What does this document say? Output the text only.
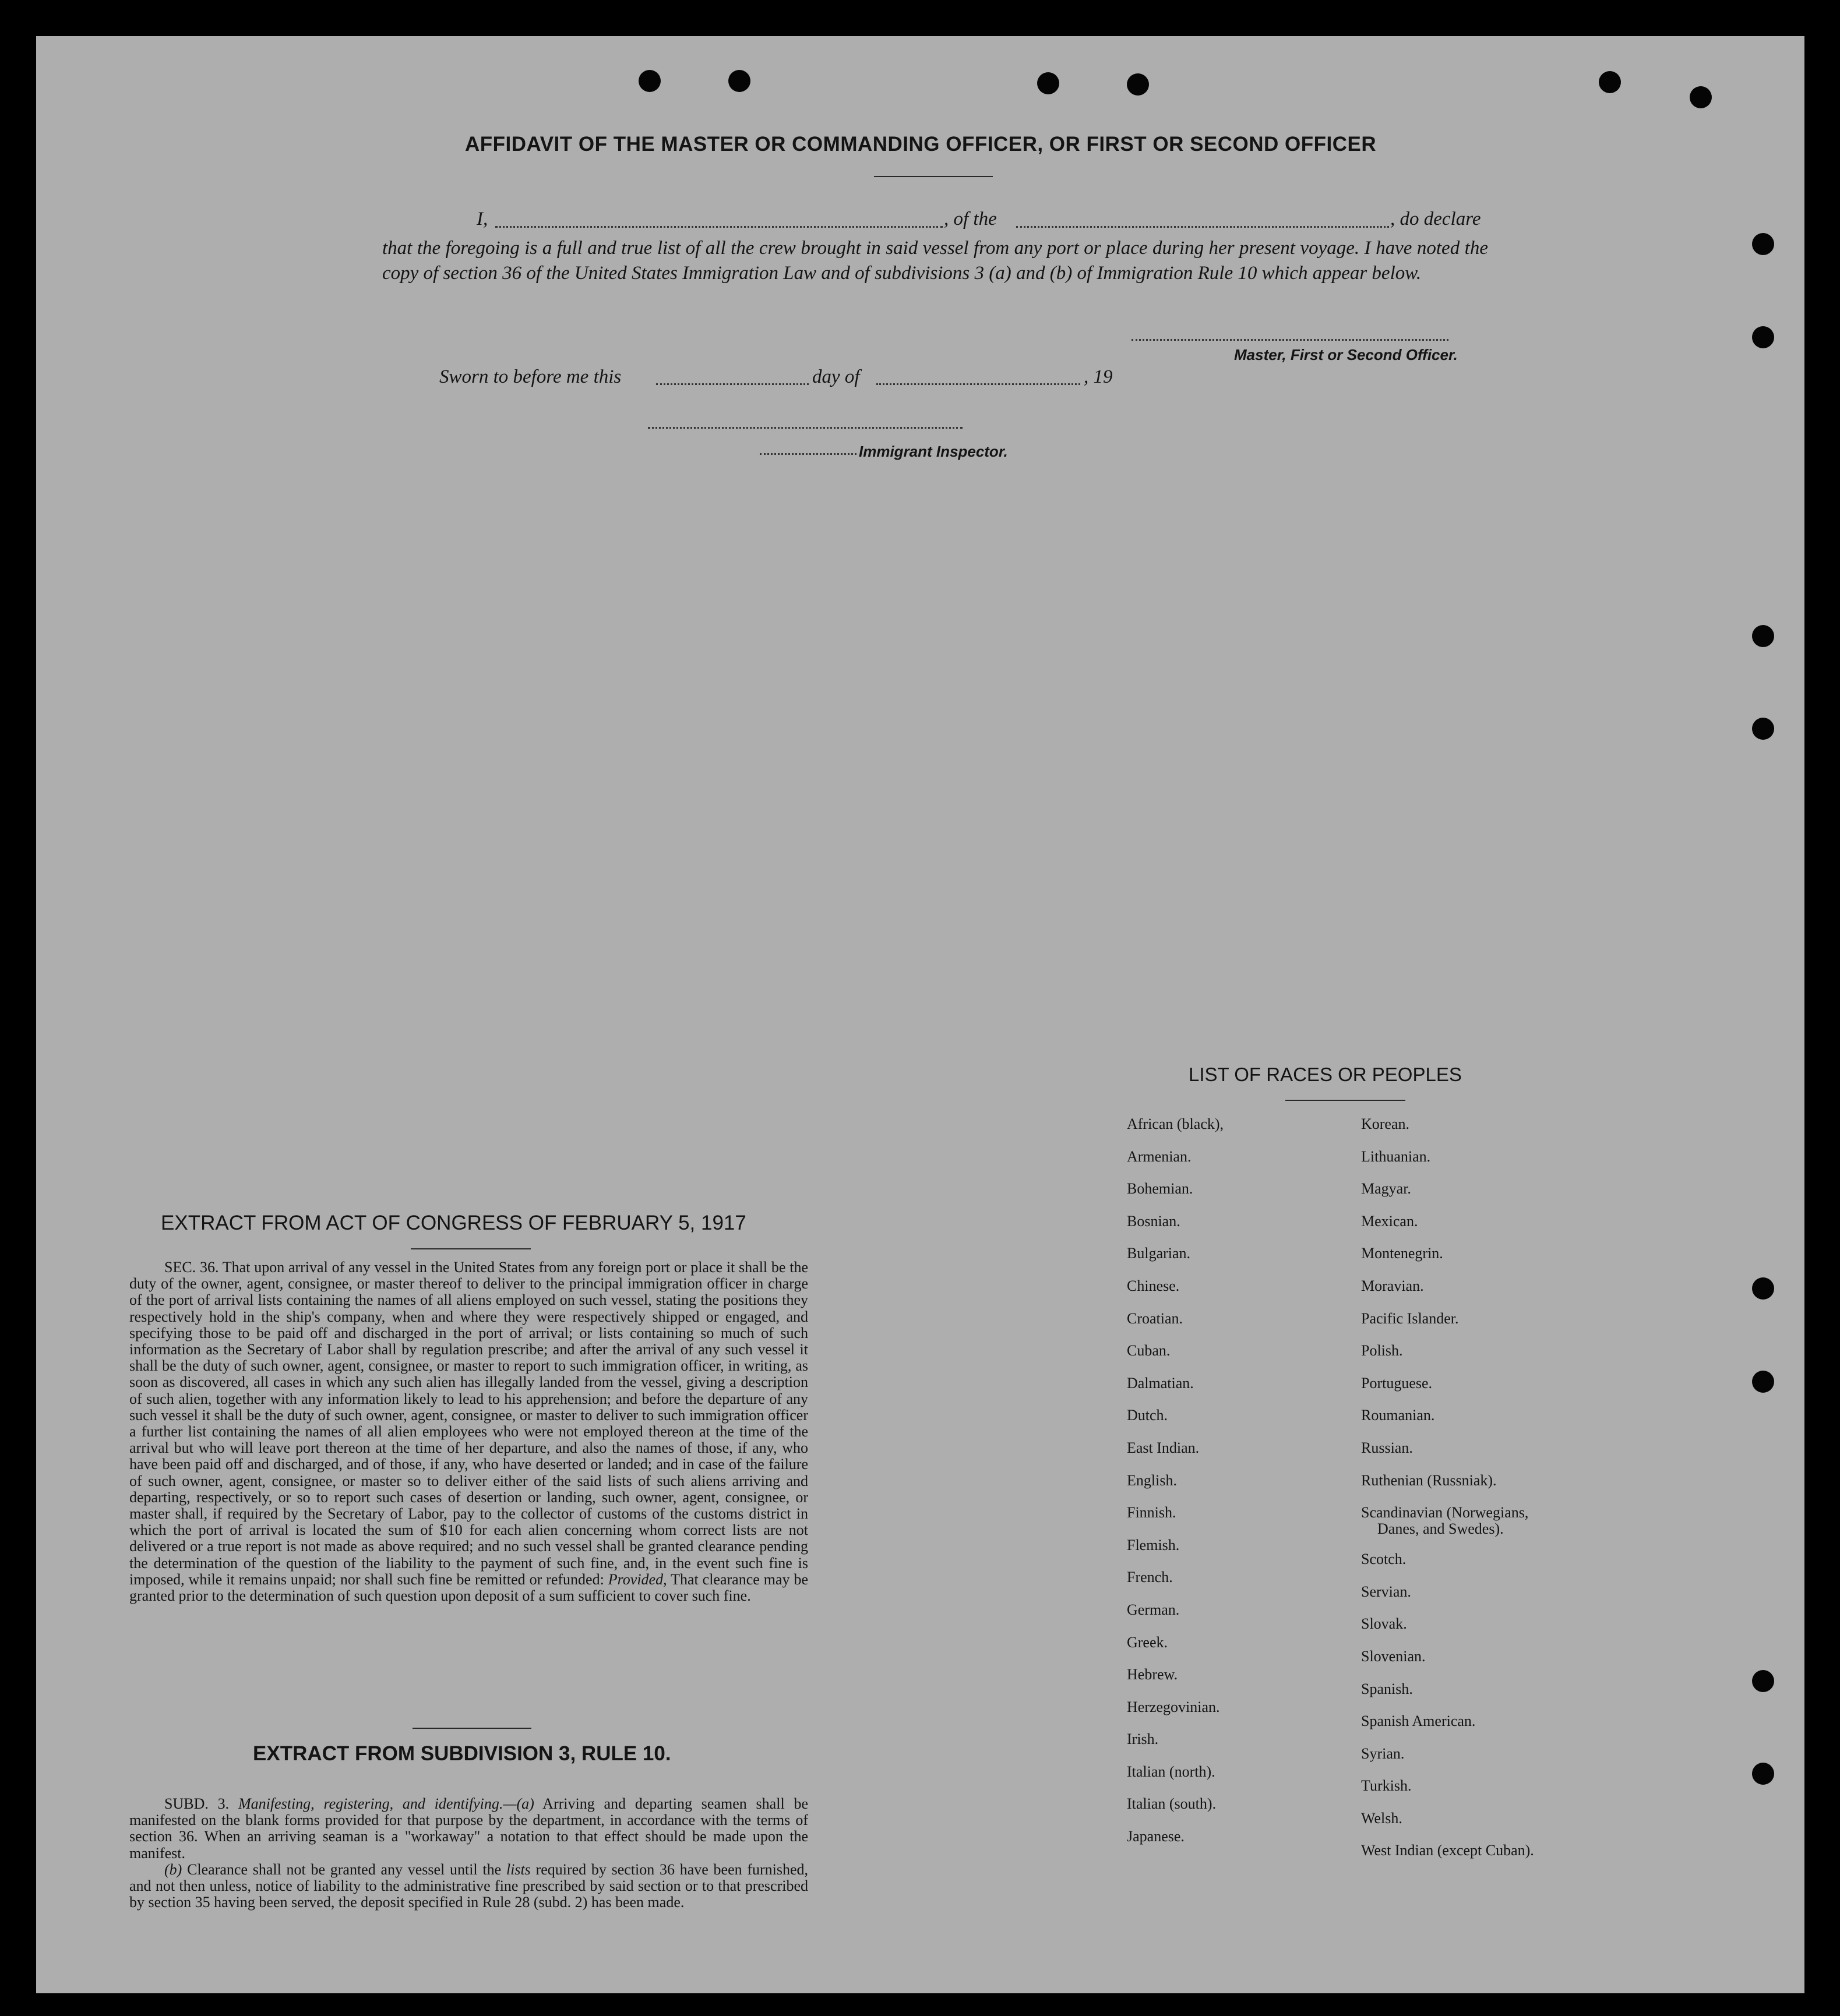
AFFIDAVIT OF THE MASTER OR COMMANDING OFFICER, OR FIRST OR SECOND OFFICER
I,	, of the	, do declare
that the foregoing is a full and true list of all the crew brought in said vessel from any port or place during her present voyage. I have noted the copy of section 36 of the United States Immigration Law and of subdivisions 3 (a) and (b) of Immigration Rule 10 which appear below.
Master, First or Second Officer.
Sworn to before me this	day of	, 19
Immigrant Inspector.
EXTRACT FROM ACT OF CONGRESS OF FEBRUARY 5, 1917

SEC. 36. That upon arrival of any vessel in the United States from any foreign port or place it shall be the duty of the owner, agent, consignee, or master thereof to deliver to the principal immigration officer in charge of the port of arrival lists containing the names of all aliens employed on such vessel, stating the positions they respectively hold in the ship's company, when and where they were respectively shipped or engaged, and specifying those to be paid off and discharged in the port of arrival; or lists containing so much of such information as the Secretary of Labor shall by regulation prescribe; and after the arrival of any such vessel it shall be the duty of such owner, agent, consignee, or master to report to such immigration officer, in writing, as soon as discovered, all cases in which any such alien has illegally landed from the vessel, giving a description of such alien, together with any information likely to lead to his apprehension; and before the departure of any such vessel it shall be the duty of such owner, agent, consignee, or master to deliver to such immigration officer a further list containing the names of all alien employees who were not employed thereon at the time of the arrival but who will leave port thereon at the time of her departure, and also the names of those, if any, who have been paid off and discharged, and of those, if any, who have deserted or landed; and in case of the failure of such owner, agent, consignee, or master so to deliver either of the said lists of such aliens arriving and departing, respectively, or so to report such cases of desertion or landing, such owner, agent, consignee, or master shall, if required by the Secretary of Labor, pay to the collector of customs of the customs district in which the port of arrival is located the sum of $10 for each alien concerning whom correct lists are not delivered or a true report is not made as above required; and no such vessel shall be granted clearance pending the determination of the question of the liability to the payment of such fine, and, in the event such fine is imposed, while it remains unpaid; nor shall such fine be remitted or refunded: Provided, That clearance may be granted prior to the determination of such question upon deposit of a sum sufficient to cover such fine.

EXTRACT FROM SUBDIVISION 3, RULE 10.

SUBD. 3. Manifesting, registering, and identifying.—(a) Arriving and departing seamen shall be manifested on the blank forms provided for that purpose by the department, in accordance with the terms of section 36. When an arriving seaman is a "workaway" a notation to that effect should be made upon the manifest.

(b) Clearance shall not be granted any vessel until the lists required by section 36 have been furnished, and not then unless, notice of liability to the administrative fine prescribed by said section or to that prescribed by section 35 having been served, the deposit specified in Rule 28 (subd. 2) has been made.

LIST OF RACES OR PEOPLES
African (black),
Armenian.
Bohemian.
Bosnian.
Bulgarian.
Chinese.
Croatian.
Cuban.
Dalmatian.
Dutch.
East Indian.
English.
Finnish.
Flemish.
French.
German.
Greek.
Hebrew.
Herzegovinian.
Irish.
Italian (north).
Italian (south).
Japanese.
Korean.
Lithuanian.
Magyar.
Mexican.
Montenegrin.
Moravian.
Pacific Islander.
Polish.
Portuguese.
Roumanian.
Russian.
Ruthenian (Russniak).
Scandinavian (Norwegians,
Danes, and Swedes).
Scotch.
Servian.
Slovak.
Slovenian.
Spanish.
Spanish American.
Syrian.
Turkish.
Welsh.
West Indian (except Cuban).
